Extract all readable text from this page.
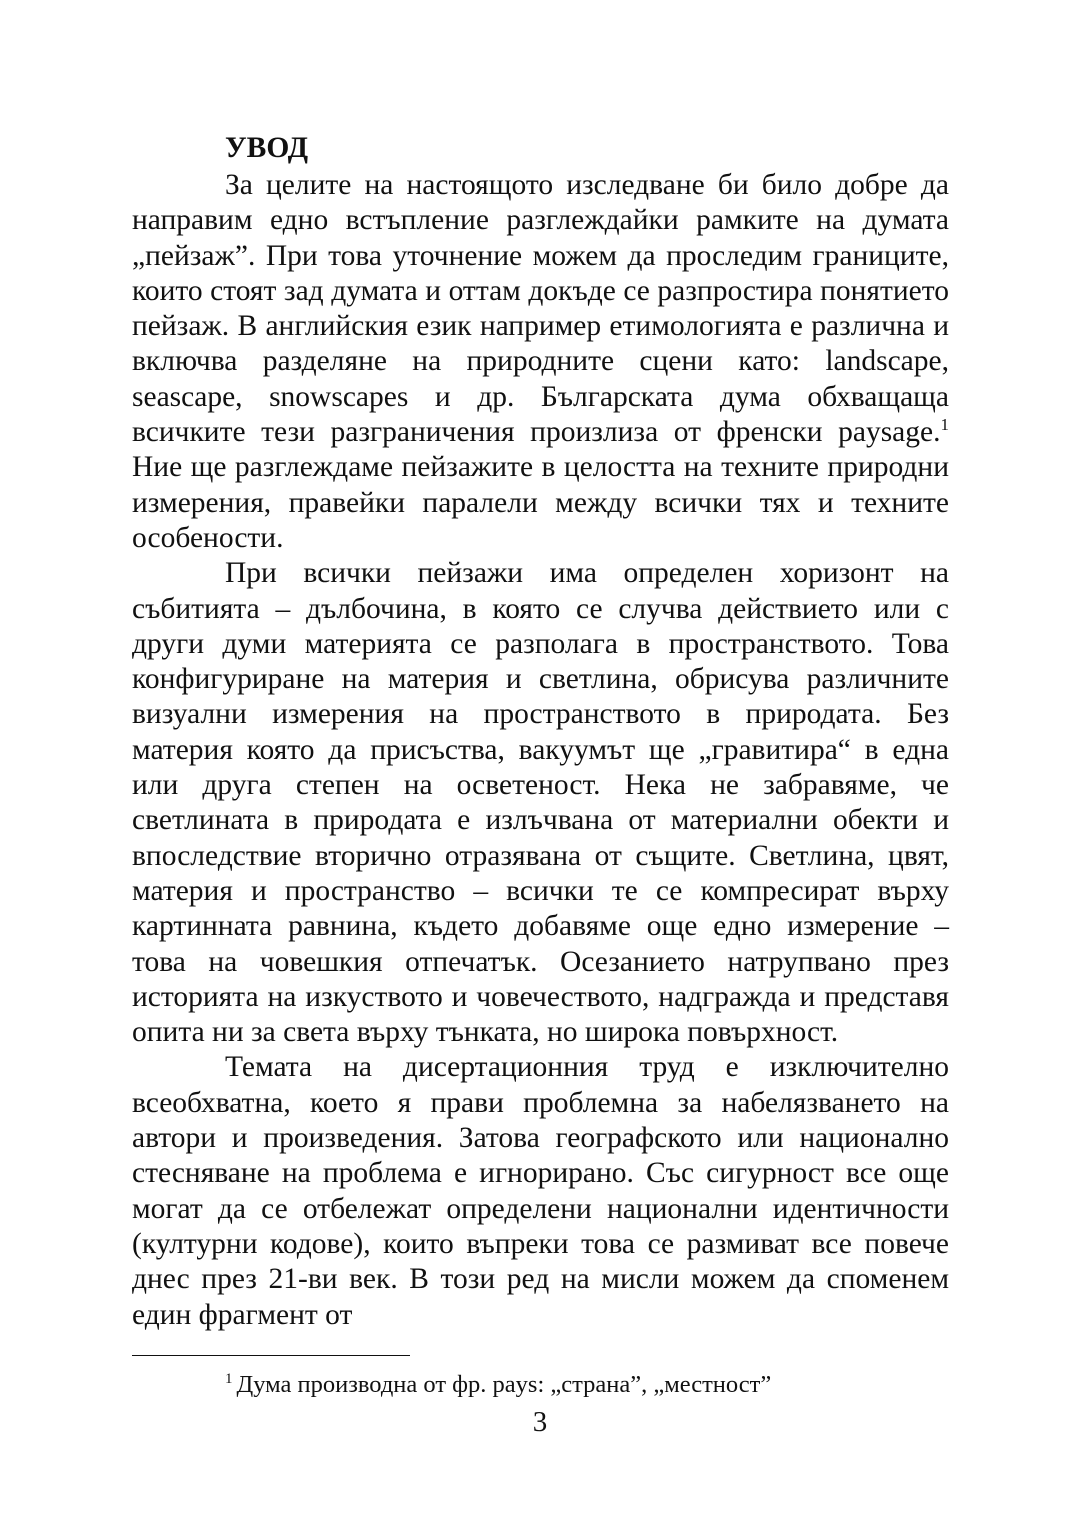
УВОД

За целите на настоящото изследване би било добре да направим едно встъпление разглеждайки рамките на думата „пейзаж”. При това уточнение можем да проследим границите, които стоят зад думата и оттам докъде се разпростира понятието пейзаж. В английския език например етимологията е различна и включва разделяне на природните сцени като: landscape, seascape, snowscapes и др. Българската дума обхващаща всичките тези разграничения произлиза от френски paysage.$^1$ Ние ще разглеждаме пейзажите в целостта на техните природни измерения, правейки паралели между всички тях и техните особености.

При всички пейзажи има определен хоризонт на събитията – дълбочина, в която се случва действието или с други думи материята се разполага в пространството. Това конфигуриране на материя и светлина, обрисува различните визуални измерения на пространството в природата. Без материя която да присъства, вакуумът ще „гравитира“ в една или друга степен на осветеност. Нека не забравяме, че светлината в природата е излъчвана от материални обекти и впоследствие вторично отразявана от същите. Светлина, цвят, материя и пространство – всички те се компресират върху картинната равнина, където добавяме още едно измерение – това на човешкия отпечатък. Осезанието натрупвано през историята на изкуството и човечеството, надгражда и представя опита ни за света върху тънката, но широка повърхност.

Темата на дисертационния труд е изключително всеобхватна, което я прави проблемна за набелязването на автори и произведения. Затова географското или национално стесняване на проблема е игнорирано. Със сигурност все още могат да се отбележат определени национални идентичности (културни кодове), които въпреки това се размиват все повече днес през 21-ви век. В този ред на мисли можем да споменем един фрагмент от

$^1$ Дума производна от фр. pays: „страна”, „местност”

3
